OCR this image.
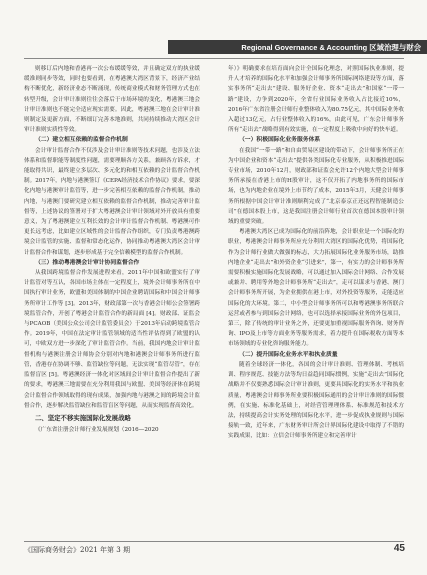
Regional Governance & Accounting 区域治理与财会

则移订后内地和香港再一次公布缓缓等效，并且确定双方的执业缓缓准则同步等效，同时也要看到，在粤港澳大湾区背景下，经济产业结构不断优化，新经济业态不断涌现，传统商业模式和财务管理方式也在转型升级，会计审计准则往往会落后于市场环境的变化，粤港澳三地会计审计准则也不能完全适应现实需要。因此，粤港澳三地在会计审计准则制定及更新方面，不断细订完善本地准则，共同持续推动大湾区会计审计准则实质性等效。

（二）建立相互依赖的监督合作机制

会计审计监督合作不仅涉及会计审计准则等技术问题，也涉及立法体系和监督职能等制度性问题，需要理顺各方关系，兼顾各方诉求，才能取得共识，最终建立多层次、多元化的和相互依赖的会计监督合作机制。2017年，内地与港澳签订《CEPA经济技术合作协议》要求，要深化内地与港澳审计监管等，进一步完善相互依赖的监督合作机制，推动内地，与港澳门要研究建立相互依赖的监督合作机制，推动完善审计监督等，上述协议的签署对于扩大粤港澳会计审计领域对外开放具有重要意义，为了粤港澳建立互利长效的会计审计监督合作机制、粤港澳可作更长远考虑，比如建立区域性的会计监督合作组织，专门负责粤港澳跨境会计监管的实施、监督和常态化运作，协同推动粤港澳大湾区会计审计监督合作和谋划，逐步形成基于完全信赖模型的监督合作机制。

（三）推动粤港澳会计审计协同监督合作

从我国跨境监督合作发展进程来看，2011年中国和欧盟实行了审计监管对等互认，各国市场主体在一定程度上，境外会计师事务所在中国执行审计业务，欧盟和美国体制的中国企业聘请国际和中国会计师事务所审计工作等 [3]。2013年，财政部第一次与香港会计师公会签署跨境监管合作，开创了粤港会计监管合作的新局面 [4]。财政部、证监会与PCAOB（美国公众公司会计监管委员会）于2013年启动跨境监管合作。2019年，中国在法定审计监管领域的适当性评估得到了欧盟的认可，中欧双方进一步深化了审计监管合作。当前，我国内地会计审计监督机构与港澳注册会计师协会分别对内地和港澳会计师事务所进行监管，香港存在协调不够、监管缺位等问题，无法实现“监管尽管”，存在监督盲区 [5]。粤港澳经济一体化对区域间会计审计监督合作提出了新的要求，粤港澳三地需要在充分利用我国与欧盟、美国等经济体在跨境会计监督合作领域取得的现有成果，加强内地与港澳之间的跨境会计监督合作，逐步解决监管缺位和监管盲区等问题，从而实现监督高效化。

二、坚定不移实施国际化发展战略

《广东省注册会计师行业发展规划（2016—2020

年）》明确要求在培育面向会计全国际化理念，对照国际执业准则，提升人才培养的国际化水平和加强会计师事务所国际网络建设等方面，落实事务所“走出去”建设、服务好企业、资本“走出去”和国家“一带一路”建设，力争到2020年，全省行业国际业务收入占比接近10%，2016年广东省注册会计师行业整体收入为80.75亿元，其中国际业务收入超过13亿元，占行业整体收入的16%，由此可见，广东会计师事务所有“走出去”战略得到有效实施，在一定程度上吸收中向好的快车道。

（一）积极国际化业务服务体系

在我国“一带一路”和自由贸易区建设的带动下，会计师事务所正在为中国企业和资本“走出去”提供各类国际化专业服务，从积极推进国际专业市场，2010年12月，财政部和证监会允许12个内地大型会计师事务所承接在香港上市的H股审计，这不仅开拓了内地事务所的国际市场，也为内地企业在境外上市节约了成本，2015年3月，天健会计师事务所根据中国会计审计准则顺利完成了“北京泰京正还远程智能制造公司”在德国本股上市，这是我国注册会计师行业首次在德国本股审计领域的重要突破。

粤港澳大湾区已成为国际化的前沿阵地，会计职业是一个国际化的职业，粤港澳会计师事务所应充分利用大湾区的国际化优势，将国际化作为会计师行业做大做强的标志，大力拓展国际化业务服务市场，助推内地企业“走出去”和外资企业“引进来”，第一，有实力的会计师事务所需要积极实施国际化发展战略，可以通过加入国际会计网络、合作发展或兼并、聘用等外地会计师事务所“走出去”，走可以谋求与香港、澳门会计师事务所开展，为企业拥供在港上市，对外投资等服务，走能适应国际化的大环境。第二，中小型会计师事务所可以和粤港澳事务所联合运营或者参与到国际会计网络，也可以选择承接国际业务的外包项目，第三，除了传统的审计业务之外，还要更加重视国际服务咨询、财务咨询、IPO及上市等方面业务等服务需求，着力提升在国际税收方面等本市场领域的专业化咨询服务能力。

（二）提升国际化业务水平和执业质量

随着全球经济一体化，各国的会计审计准则、管理体制、考核培训、程序规范、技能方法等均日益趋同国际惯例，实施“走出去”国际化战略并不仅要熟悉国际会计审计准则，更要具国际化的实务水平和执业质量，粤港澳会计师事务所业要积极国际通用的会计审计准则的国际惯例，在实施、标准化基础上，对经营管理理体系、标准规范和技术方法，持续提高会计实务处理的国际化水平，进一步促成执业规则与国际接轨一致，近年来，广东财务审计所会计界国际化建设中取得了不错的实践成果，比如：立信会计师事务所建立和完善审计

《国际商务财会》2021 年第 3 期	45
